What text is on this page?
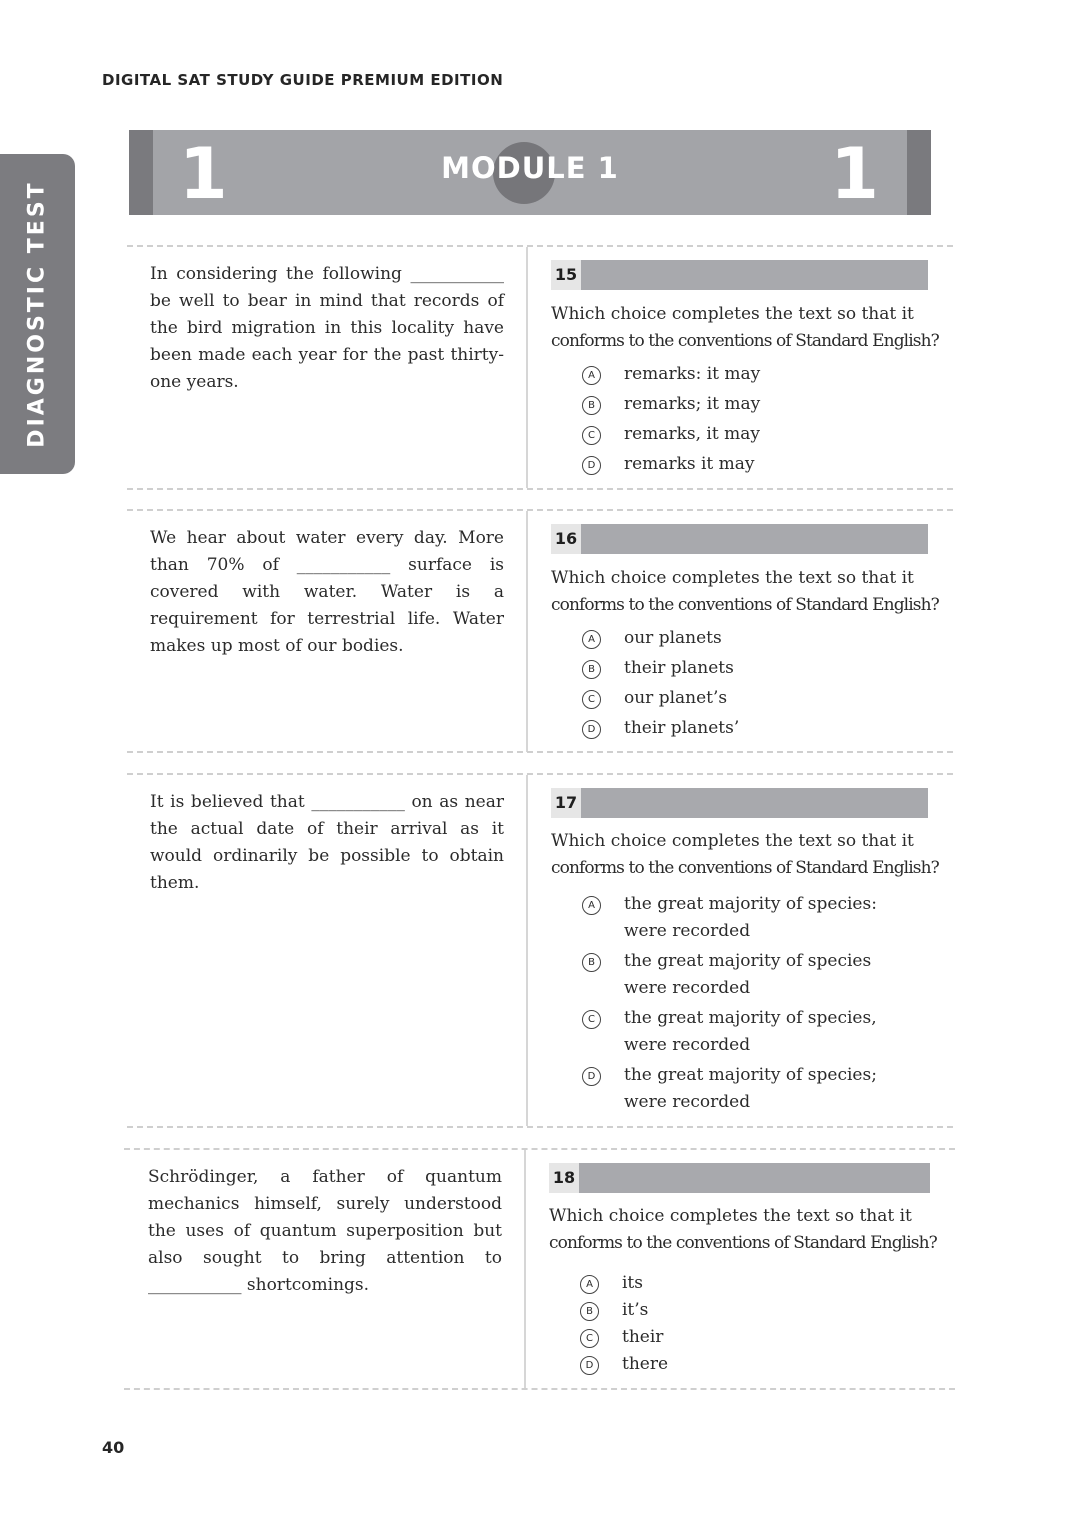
DIGITAL SAT STUDY GUIDE PREMIUM EDITION
DIAGNOSTIC TEST
1	1
MODULE 1
In considering the following ___________ be well to bear in mind that records of the bird migration in this locality have been made each year for the past thirty-one years.
15
Which choice completes the text so that it
conforms to the conventions of Standard English?
A	remarks: it may
B	remarks; it may
C	remarks, it may
D	remarks it may
We hear about water every day. More than 70% of ___________ surface is covered with water. Water is a requirement for terrestrial life. Water makes up most of our bodies.
16
Which choice completes the text so that it
conforms to the conventions of Standard English?
A	our planets
B	their planets
C	our planet’s
D	their planets’
It is believed that ___________ on as near the actual date of their arrival as it would ordinarily be possible to obtain them.
17
Which choice completes the text so that it
conforms to the conventions of Standard English?
A	the great majority of species: were recorded
B	the great majority of species were recorded
C	the great majority of species, were recorded
D	the great majority of species; were recorded
Schrödinger, a father of quantum mechanics himself, surely understood the uses of quantum superposition but also sought to bring attention to ___________ shortcomings.
18
Which choice completes the text so that it
conforms to the conventions of Standard English?
A	its
B	it’s
C	their
D	there
40
